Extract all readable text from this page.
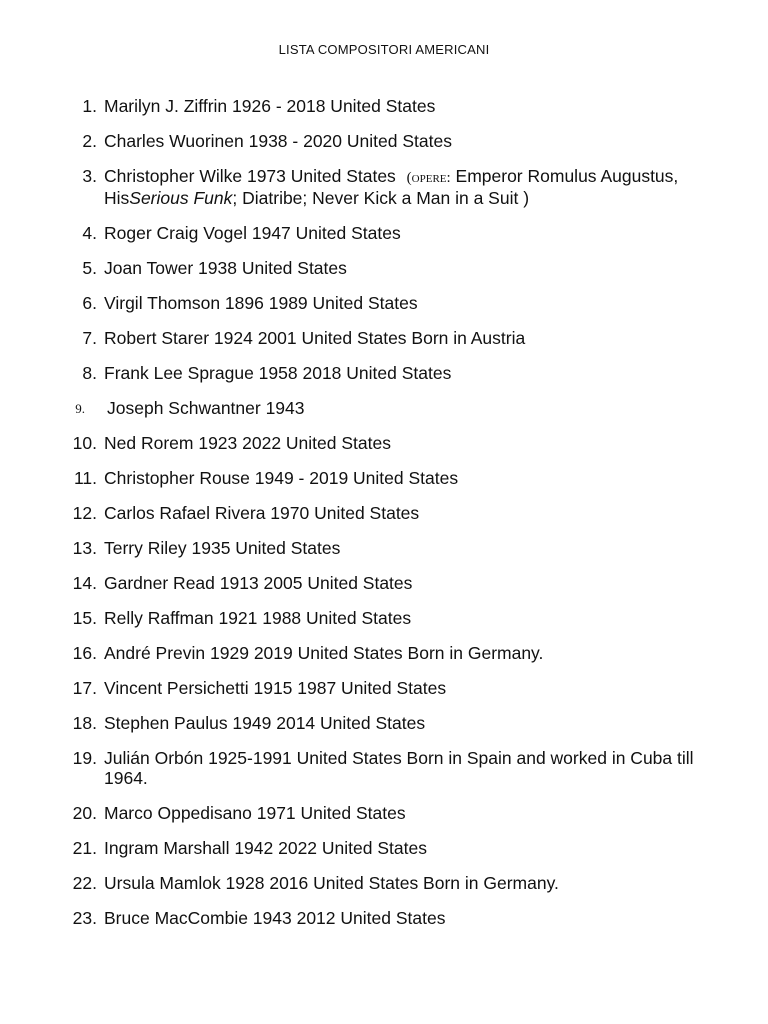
LISTA COMPOSITORI AMERICANI
1. Marilyn J. Ziffrin 1926 - 2018 United States
2. Charles Wuorinen 1938 - 2020 United States
3. Christopher Wilke 1973 United States (opere: Emperor Romulus Augustus, HisSerious Funk; Diatribe; Never Kick a Man in a Suit )
4. Roger Craig Vogel 1947 United States
5. Joan Tower 1938 United States
6. Virgil Thomson 1896 1989 United States
7. Robert Starer 1924 2001 United States Born in Austria
8. Frank Lee Sprague 1958 2018 United States
9. Joseph Schwantner 1943
10. Ned Rorem 1923 2022 United States
11. Christopher Rouse 1949 - 2019 United States
12. Carlos Rafael Rivera 1970 United States
13. Terry Riley 1935 United States
14. Gardner Read 1913 2005 United States
15. Relly Raffman 1921 1988 United States
16. André Previn 1929 2019 United States Born in Germany.
17. Vincent Persichetti 1915 1987 United States
18. Stephen Paulus 1949 2014 United States
19. Julián Orbón 1925-1991 United States Born in Spain and worked in Cuba till 1964.
20. Marco Oppedisano 1971 United States
21. Ingram Marshall 1942 2022 United States
22. Ursula Mamlok 1928 2016 United States Born in Germany.
23. Bruce MacCombie 1943 2012 United States
